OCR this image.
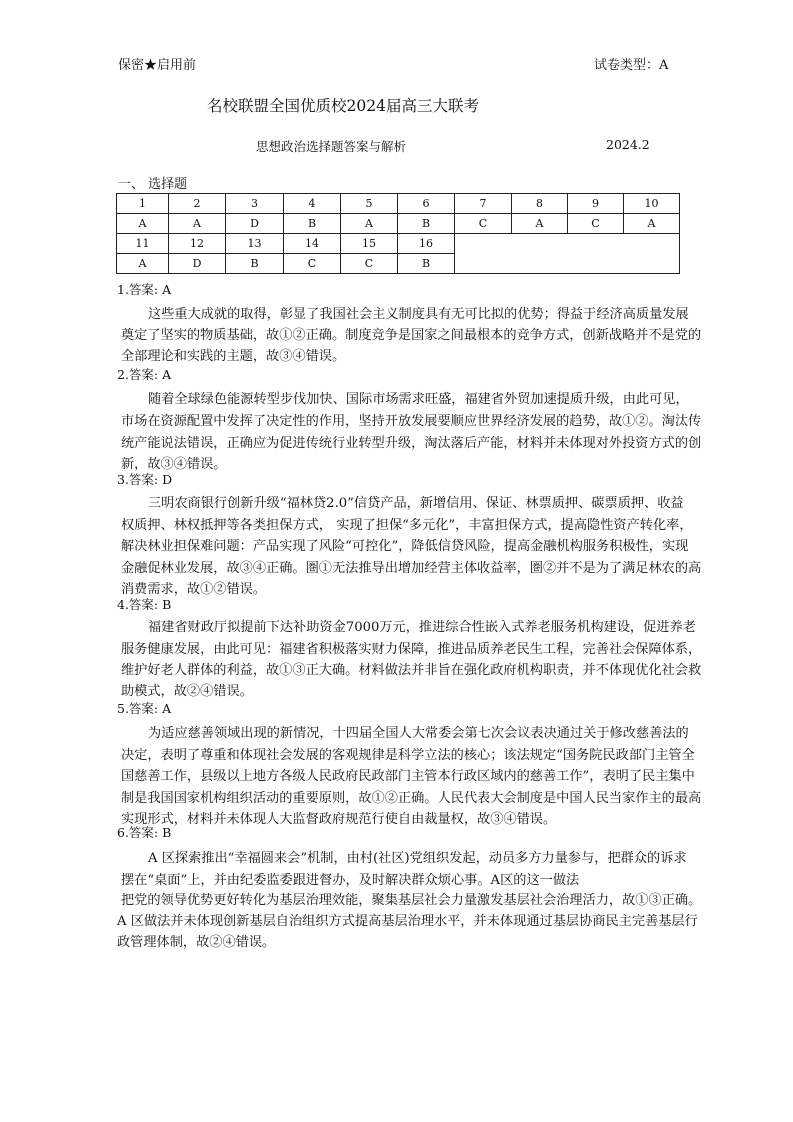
保密★启用前	试卷类型：A
名校联盟全国优质校2024届高三大联考
思想政治选择题答案与解析	2024.2
一、 选择题
1	2	3	4	5	6	7	8	9	10
A	A	D	B	A	B	C	A	C	A
11	12	13	14	15	16				
A	D	B	C	C	B				
1.答案: A
这些重大成就的取得，彰显了我国社会主义制度具有无可比拟的优势；得益于经济高质量发展
奠定了坚实的物质基础，故①②正确。制度竞争是国家之间最根本的竞争方式，创新战略并不是党的
全部理论和实践的主题，故③④错误。
2.答案: A
随着全球绿色能源转型步伐加快、国际市场需求旺盛，福建省外贸加速提质升级，由此可见，
市场在资源配置中发挥了决定性的作用，坚持开放发展要顺应世界经济发展的趋势，故①②。淘汰传
统产能说法错误，正确应为促进传统行业转型升级，淘汰落后产能，材料并未体现对外投资方式的创
新，故③④错误。
3.答案: D
三明农商银行创新升级“福林贷2.0”信贷产品，新增信用、保证、林票质押、碳票质押、收益
权质押、林权抵押等各类担保方式， 实现了担保“多元化”，丰富担保方式，提高隐性资产转化率，
解决林业担保难问题：产品实现了风险“可控化”，降低信贷风险，提高金融机构服务积极性，实现
金融促林业发展，故③④正确。圏①无法推导出增加经营主体收益率，圏②并不是为了满足林农的高
消费需求，故①②错误。
4.答案: B
福建省财政厅拟提前下达补助资金7000万元，推进综合性嵌入式养老服务机构建设，促进养老
服务健康发展，由此可见：福建省积极落实财力保障，推进品质养老民生工程，完善社会保障体系，
维护好老人群体的利益，故①③正大确。材料做法并非旨在强化政府机构职责，并不体现优化社会救
助模式，故②④错误。
5.答案: A
为适应慈善领域出现的新情况，十四届全国人大常委会第七次会议表决通过关于修改慈善法的
决定，表明了尊重和体现社会发展的客观规律是科学立法的核心；该法规定“国务院民政部门主管全
国慈善工作，县级以上地方各级人民政府民政部门主管本行政区域内的慈善工作”，表明了民主集中
制是我国国家机构组织活动的重要原则，故①②正确。人民代表大会制度是中国人民当家作主的最高
实现形式，材料并未体现人大监督政府规范行使自由裁量权，故③④错误。
6.答案: B
A 区探索推出“幸福圆来会”机制，由村(社区)党组织发起，动员多方力量参与，把群众的诉求
摆在“桌面”上，并由纪委监委跟进督办，及时解决群众烦心事。A区的这一做法
把党的领导优势更好转化为基层治理效能，聚集基层社会力量激发基层社会治理活力，故①③正确。
A 区做法并未体现创新基层自治组织方式提高基层治理水平，并未体现通过基层协商民主完善基层行
政管理体制，故②④错误。
